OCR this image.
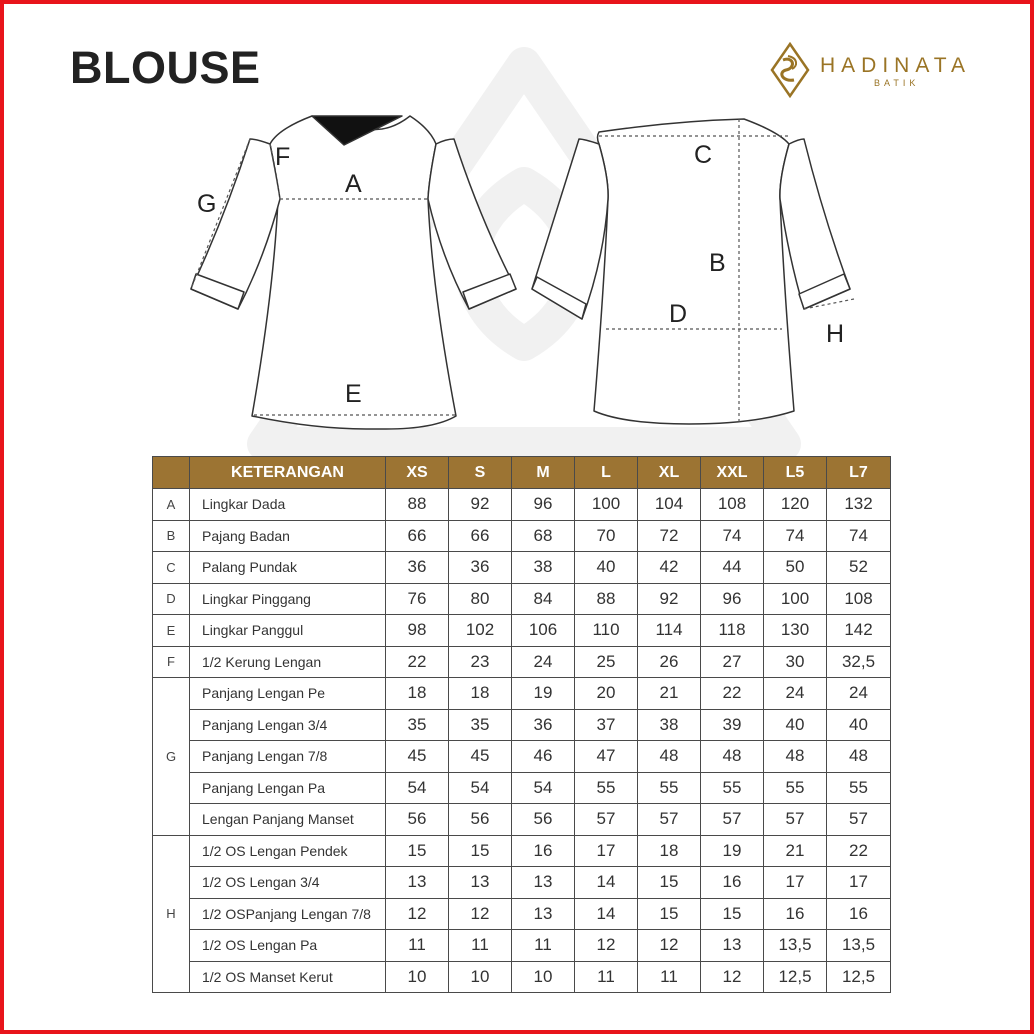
BLOUSE	HADINATA
BATIK
A
E
F
G
C
B
D
H
	KETERANGAN	XS	S	M	L	XL	XXL	L5	L7
A	Lingkar Dada	88	92	96	100	104	108	120	132
B	Pajang Badan	66	66	68	70	72	74	74	74
C	Palang Pundak	36	36	38	40	42	44	50	52
D	Lingkar Pinggang	76	80	84	88	92	96	100	108
E	Lingkar Panggul	98	102	106	110	114	118	130	142
F	1/2 Kerung Lengan	22	23	24	25	26	27	30	32,5
G	Panjang Lengan Pe	18	18	19	20	21	22	24	24
	Panjang Lengan 3/4	35	35	36	37	38	39	40	40
	Panjang Lengan 7/8	45	45	46	47	48	48	48	48
	Panjang Lengan Pa	54	54	54	55	55	55	55	55
	Lengan Panjang Manset	56	56	56	57	57	57	57	57
H	1/2 OS Lengan Pendek	15	15	16	17	18	19	21	22
	1/2 OS Lengan 3/4	13	13	13	14	15	16	17	17
	1/2 OSPanjang Lengan 7/8	12	12	13	14	15	15	16	16
	1/2 OS Lengan Pa	11	11	11	12	12	13	13,5	13,5
	1/2 OS Manset Kerut	10	10	10	11	11	12	12,5	12,5
